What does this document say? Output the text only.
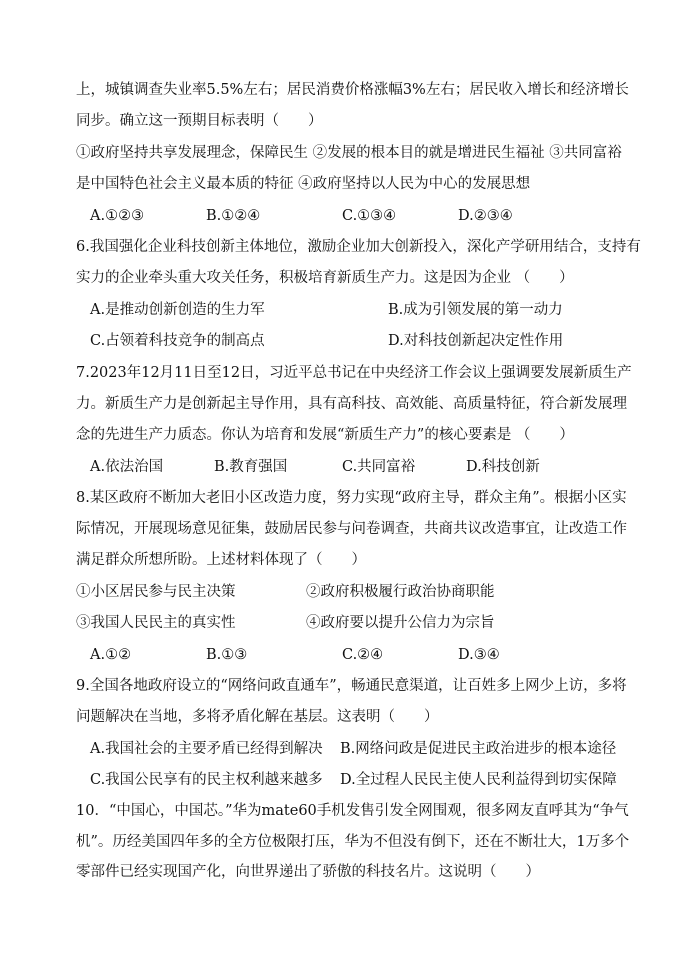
上，城镇调查失业率5.5%左右；居民消费价格涨幅3%左右；居民收入增长和经济增长
同步。确立这一预期目标表明（　　）
①政府坚持共享发展理念，保障民生 ②发展的根本目的就是增进民生福祉 ③共同富裕
是中国特色社会主义最本质的特征 ④政府坚持以人民为中心的发展思想
A.①②③	B.①②④	C.①③④	D.②③④
6.我国强化企业科技创新主体地位，激励企业加大创新投入，深化产学研用结合，支持有
实力的企业牵头重大攻关任务，积极培育新质生产力。这是因为企业 （　　）
A.是推动创新创造的生力军	B.成为引领发展的第一动力
C.占领着科技竞争的制高点	D.对科技创新起决定性作用
7.2023年12月11日至12日，习近平总书记在中央经济工作会议上强调要发展新质生产
力。新质生产力是创新起主导作用，具有高科技、高效能、高质量特征，符合新发展理
念的先进生产力质态。你认为培育和发展“新质生产力”的核心要素是 （　　）
A.依法治国	B.教育强国	C.共同富裕	D.科技创新
8.某区政府不断加大老旧小区改造力度，努力实现“政府主导，群众主角”。根据小区实
际情况，开展现场意见征集，鼓励居民参与问卷调查，共商共议改造事宜，让改造工作
满足群众所想所盼。上述材料体现了（　　）
①小区居民参与民主决策	②政府积极履行政治协商职能
③我国人民民主的真实性	④政府要以提升公信力为宗旨
A.①②	B.①③	C.②④	D.③④
9.全国各地政府设立的“网络问政直通车”，畅通民意渠道，让百姓多上网少上访，多将
问题解决在当地，多将矛盾化解在基层。这表明（　　）
A.我国社会的主要矛盾已经得到解决 B.网络问政是促进民主政治进步的根本途径
C.我国公民享有的民主权利越来越多 D.全过程人民民主使人民利益得到切实保障
10．“中国心，中国芯。”华为mate60手机发售引发全网围观，很多网友直呼其为“争气
机”。历经美国四年多的全方位极限打压，华为不但没有倒下，还在不断壮大，1万多个
零部件已经实现国产化，向世界递出了骄傲的科技名片。这说明（　　）
